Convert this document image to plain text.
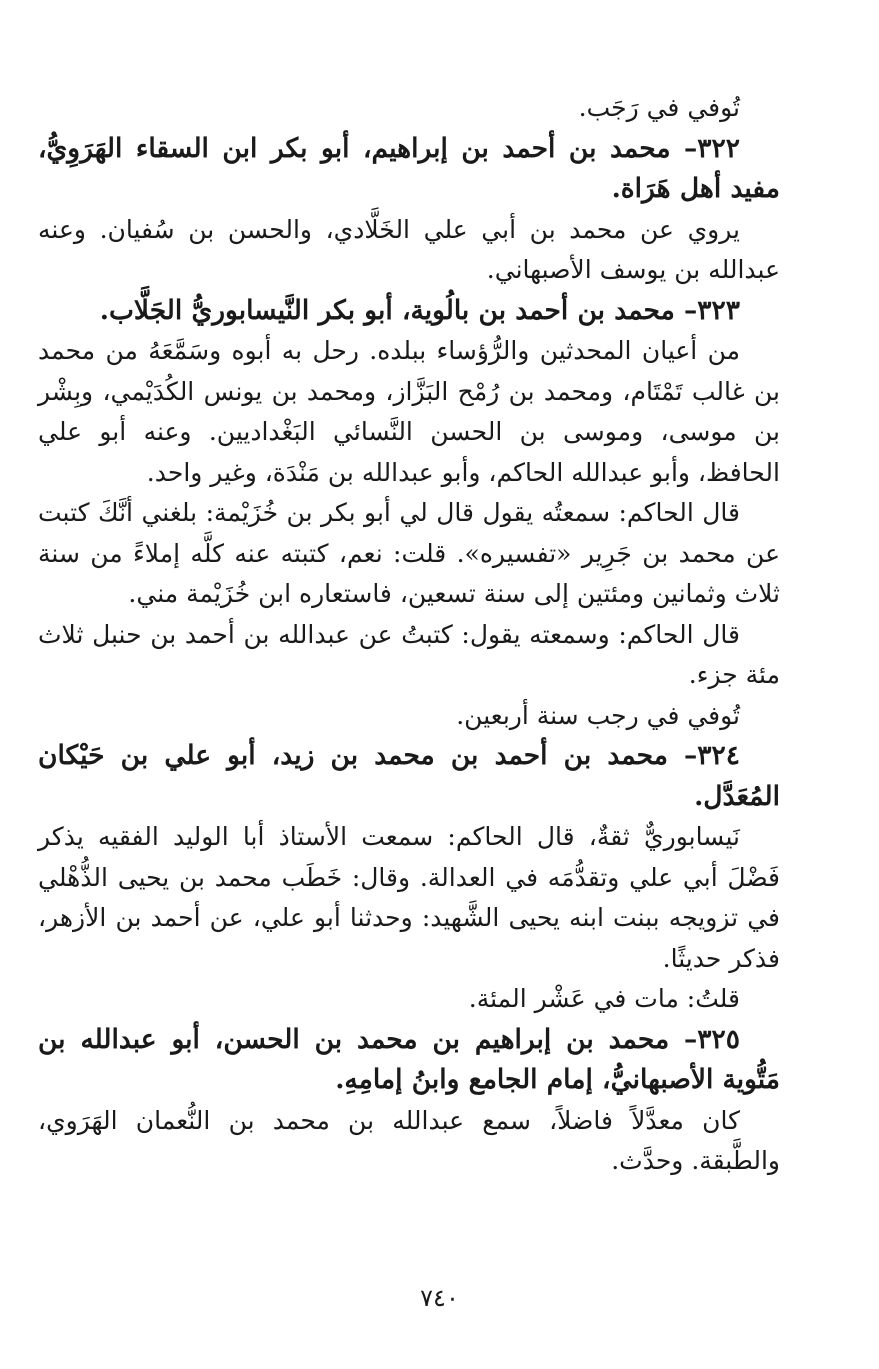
تُوفي في رَجَب.

٣٢٢– محمد بن أحمد بن إبراهيم، أبو بكر ابن السقاء الهَرَوِيُّ، مفيد أهل هَرَاة.

يروي عن محمد بن أبي علي الخَلَّادي، والحسن بن سُفيان. وعنه عبدالله بن يوسف الأصبهاني.

٣٢٣– محمد بن أحمد بن بالُوية، أبو بكر النَّيسابوريُّ الجَلَّاب.

من أعيان المحدثين والرُّؤساء ببلده. رحل به أبوه وسَمَّعَهُ من محمد بن غالب تَمْتَام، ومحمد بن رُمْح البَزَّاز، ومحمد بن يونس الكُدَيْمي، وبِشْر بن موسى، وموسى بن الحسن النَّسائي البَغْداديين. وعنه أبو علي الحافظ، وأبو عبدالله الحاكم، وأبو عبدالله بن مَنْدَة، وغير واحد.

قال الحاكم: سمعتُه يقول قال لي أبو بكر بن خُزَيْمة: بلغني أنَّكَ كتبت عن محمد بن جَرِير «تفسيره». قلت: نعم، كتبته عنه كلَّه إملاءً من سنة ثلاث وثمانين ومئتين إلى سنة تسعين، فاستعاره ابن خُزَيْمة مني.

قال الحاكم: وسمعته يقول: كتبتُ عن عبدالله بن أحمد بن حنبل ثلاث مئة جزء.

تُوفي في رجب سنة أربعين.

٣٢٤– محمد بن أحمد بن محمد بن زيد، أبو علي بن حَيْكان المُعَدَّل.

نَيسابوريٌّ ثقةٌ، قال الحاكم: سمعت الأستاذ أبا الوليد الفقيه يذكر فَضْلَ أبي علي وتقدُّمَه في العدالة. وقال: خَطَب محمد بن يحيى الذُّهْلي في تزويجه ببنت ابنه يحيى الشَّهيد: وحدثنا أبو علي، عن أحمد بن الأزهر، فذكر حديثًا.

قلتُ: مات في عَشْر المئة.

٣٢٥– محمد بن إبراهيم بن محمد بن الحسن، أبو عبدالله بن مَتُّوية الأصبهانيُّ، إمام الجامع وابنُ إمامِهِ.

كان معدَّلاً فاضلاً، سمع عبدالله بن محمد بن النُّعمان الهَرَوي، والطَّبقة. وحدَّث.

٧٤٠
